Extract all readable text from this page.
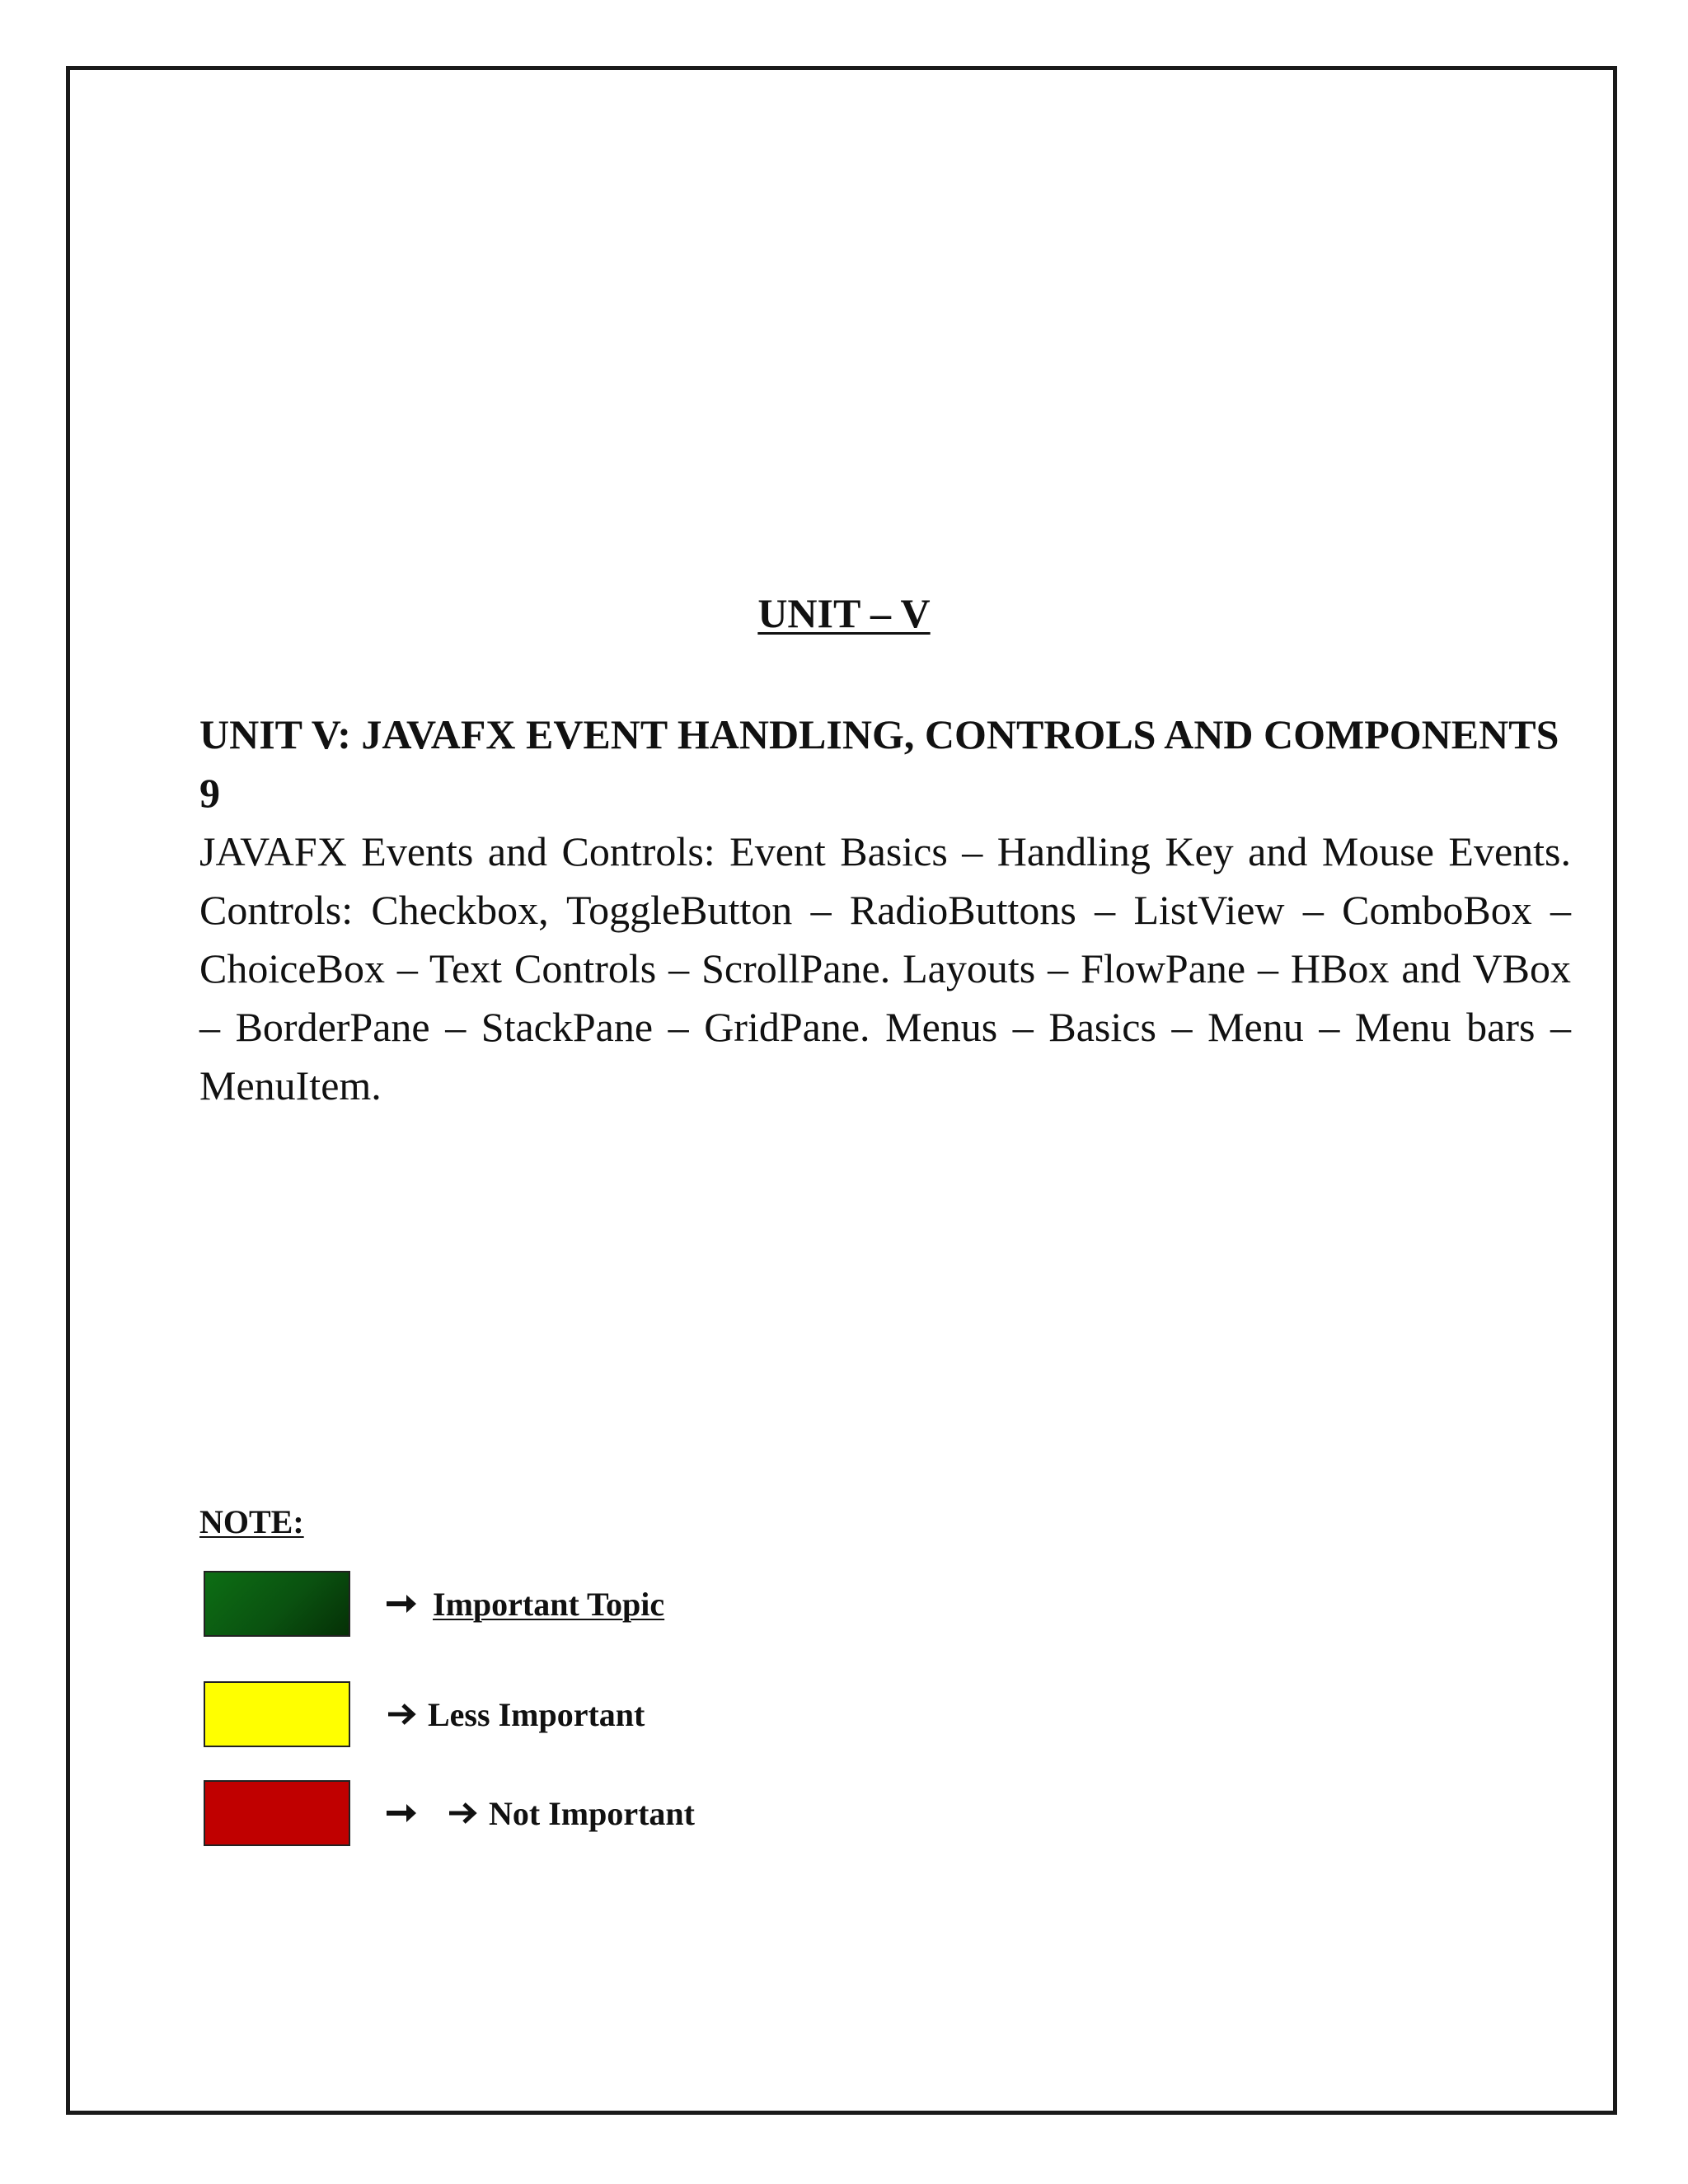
UNIT – V

UNIT V: JAVAFX EVENT HANDLING, CONTROLS AND COMPONENTS 9

JAVAFX Events and Controls: Event Basics – Handling Key and Mouse Events. Controls: Checkbox, ToggleButton – RadioButtons – ListView – ComboBox – ChoiceBox – Text Controls – ScrollPane. Layouts – FlowPane – HBox and VBox – BorderPane – StackPane – GridPane. Menus – Basics – Menu – Menu bars – MenuItem.

NOTE:
Important Topic
Less Important
Not Important
